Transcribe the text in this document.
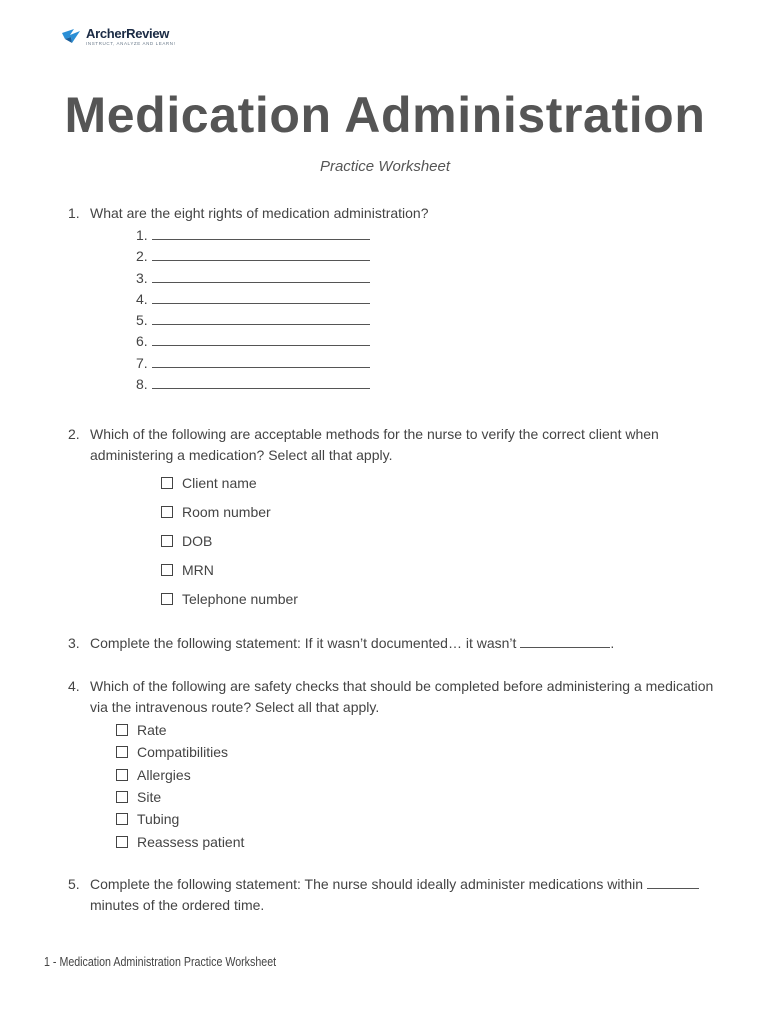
ArcherReview
INSTRUCT, ANALYZE AND LEARN!
Medication Administration
Practice Worksheet
1. What are the eight rights of medication administration?
1.
2.
3.
4.
5.
6.
7.
8.
2. Which of the following are acceptable methods for the nurse to verify the correct client when administering a medication? Select all that apply.
Client name
Room number
DOB
MRN
Telephone number
3. Complete the following statement: If it wasn’t documented… it wasn’t	.
4. Which of the following are safety checks that should be completed before administering a medication via the intravenous route? Select all that apply.
Rate
Compatibilities
Allergies
Site
Tubing
Reassess patient
5. Complete the following statement: The nurse should ideally administer medications within  minutes of the ordered time.
1 - Medication Administration Practice Worksheet
